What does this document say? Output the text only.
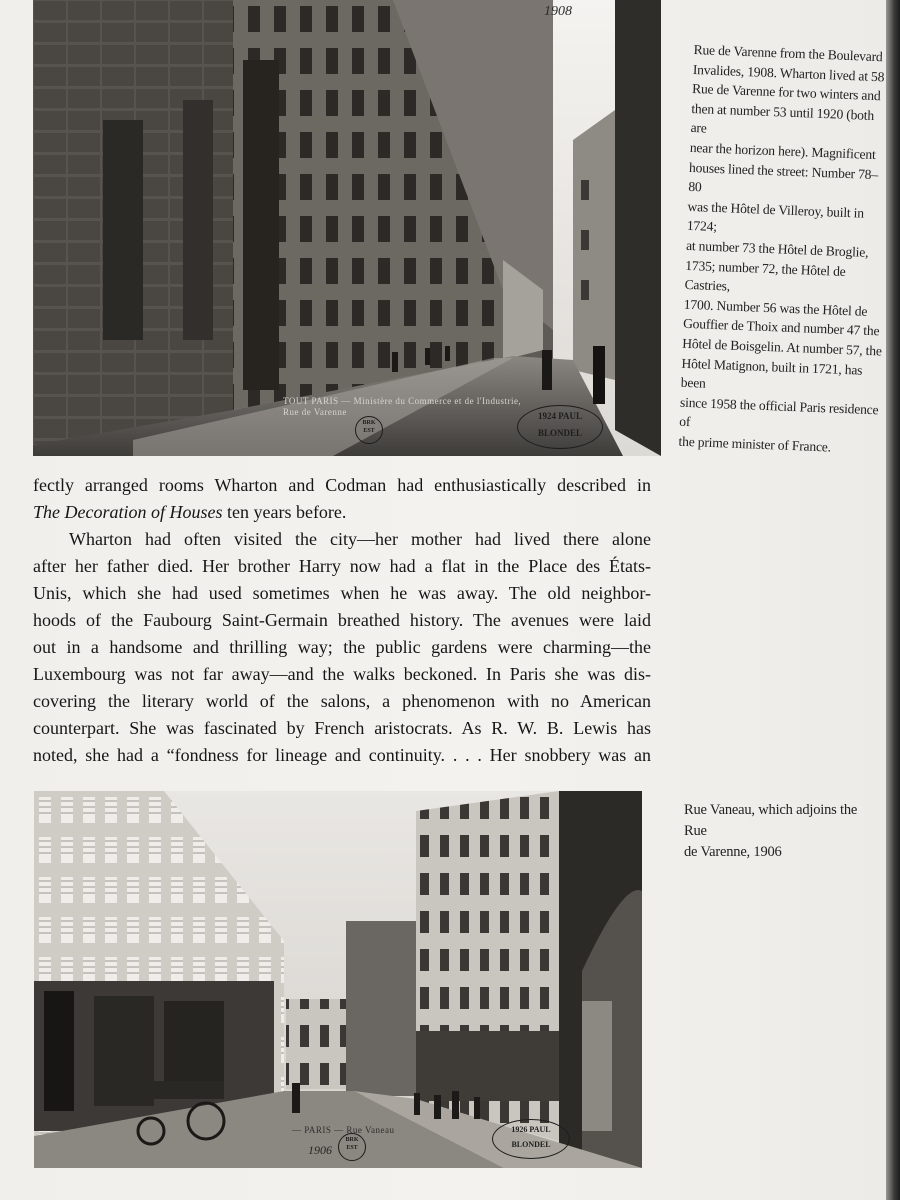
1908
TOUT PARIS — Ministère du Commerce et de l'Industrie, Rue de Varenne
BRK EST
1924 PAUL BLONDEL
Rue de Varenne from the Boulevard
Invalides, 1908. Wharton lived at 58
Rue de Varenne for two winters and
then at number 53 until 1920 (both are
near the horizon here). Magnificent
houses lined the street: Number 78–80
was the Hôtel de Villeroy, built in 1724;
at number 73 the Hôtel de Broglie,
1735; number 72, the Hôtel de Castries,
1700. Number 56 was the Hôtel de
Gouffier de Thoix and number 47 the
Hôtel de Boisgelin. At number 57, the
Hôtel Matignon, built in 1721, has been
since 1958 the official Paris residence of
the prime minister of France.
fectly arranged rooms Wharton and Codman had enthusiastically described in
The Decoration of Houses ten years before.
Wharton had often visited the city—her mother had lived there alone
after her father died. Her brother Harry now had a flat in the Place des États-
Unis, which she had used sometimes when he was away. The old neighbor-
hoods of the Faubourg Saint-Germain breathed history. The avenues were laid
out in a handsome and thrilling way; the public gardens were charming—the
Luxembourg was not far away—and the walks beckoned. In Paris she was dis-
covering the literary world of the salons, a phenomenon with no American
counterpart. She was fascinated by French aristocrats. As R. W. B. Lewis has
noted, she had a “fondness for lineage and continuity. . . . Her snobbery was an
— PARIS — Rue Vaneau
1906
BRK EST
1926 PAUL BLONDEL
Rue Vaneau, which adjoins the Rue
de Varenne, 1906
